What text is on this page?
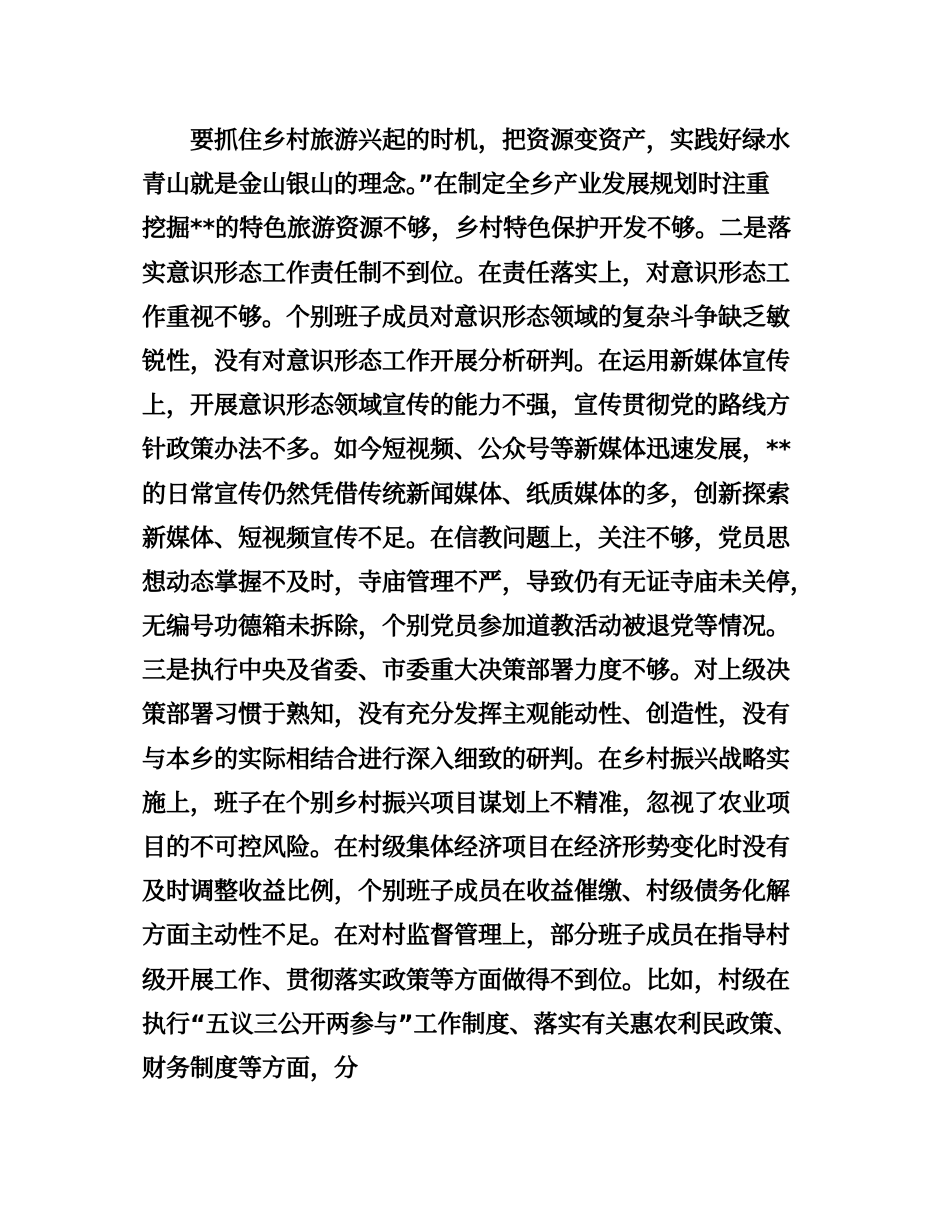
要抓住乡村旅游兴起的时机，把资源变资产，实践好绿水
青山就是金山银山的理念。”在制定全乡产业发展规划时注重
挖掘**的特色旅游资源不够，乡村特色保护开发不够。二是落
实意识形态工作责任制不到位。在责任落实上，对意识形态工
作重视不够。个别班子成员对意识形态领域的复杂斗争缺乏敏
锐性，没有对意识形态工作开展分析研判。在运用新媒体宣传
上，开展意识形态领域宣传的能力不强，宣传贯彻党的路线方
针政策办法不多。如今短视频、公众号等新媒体迅速发展，**
的日常宣传仍然凭借传统新闻媒体、纸质媒体的多，创新探索
新媒体、短视频宣传不足。在信教问题上，关注不够，党员思
想动态掌握不及时，寺庙管理不严，导致仍有无证寺庙未关停，
无编号功德箱未拆除，个别党员参加道教活动被退党等情况。
三是执行中央及省委、市委重大决策部署力度不够。对上级决
策部署习惯于熟知，没有充分发挥主观能动性、创造性，没有
与本乡的实际相结合进行深入细致的研判。在乡村振兴战略实
施上，班子在个别乡村振兴项目谋划上不精准，忽视了农业项
目的不可控风险。在村级集体经济项目在经济形势变化时没有
及时调整收益比例，个别班子成员在收益催缴、村级债务化解
方面主动性不足。在对村监督管理上，部分班子成员在指导村
级开展工作、贯彻落实政策等方面做得不到位。比如，村级在
执行“五议三公开两参与”工作制度、落实有关惠农利民政策、
财务制度等方面，分
